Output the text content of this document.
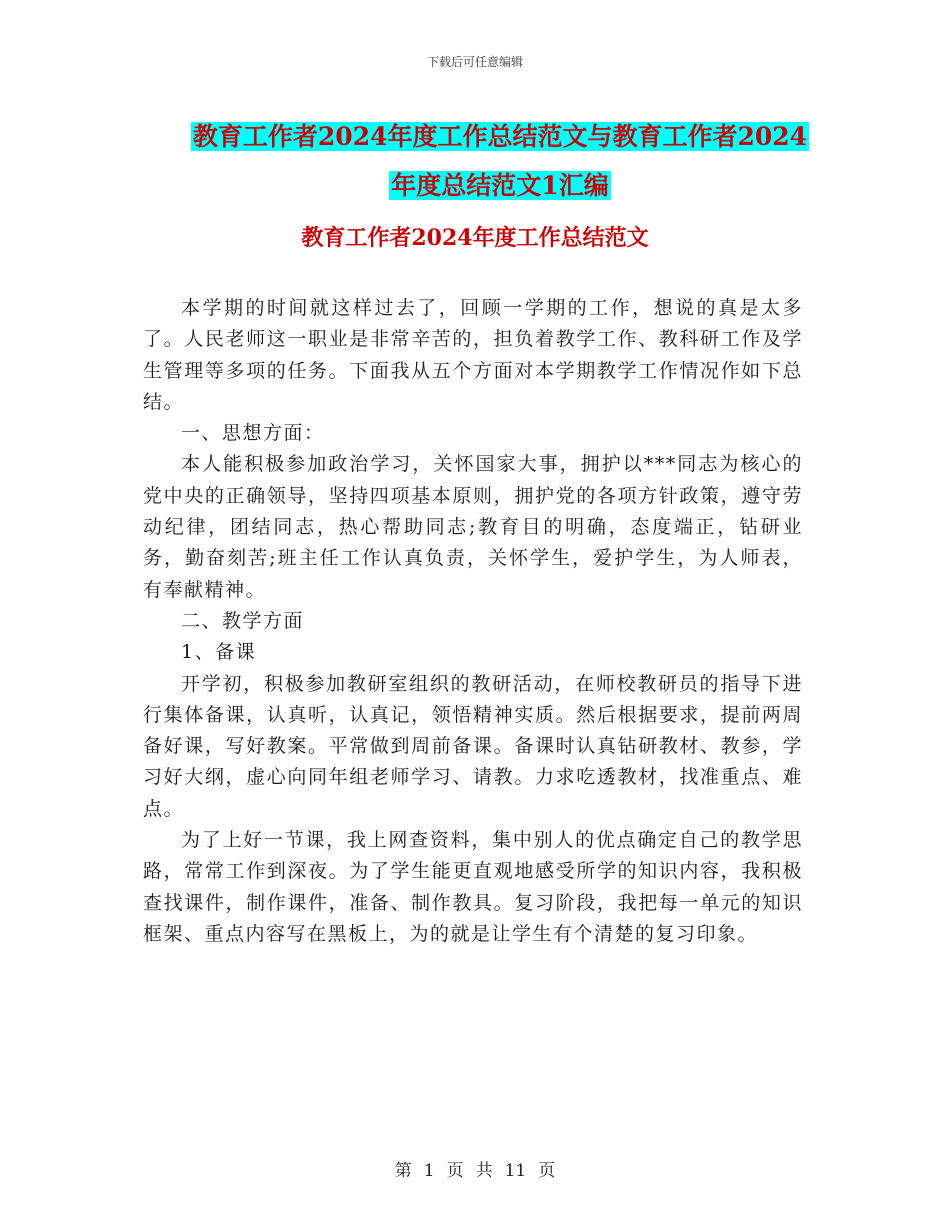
下载后可任意编辑
教育工作者2024年度工作总结范文与教育工作者2024
年度总结范文1汇编
教育工作者2024年度工作总结范文

本学期的时间就这样过去了，回顾一学期的工作，想说的真是太多了。人民老师这一职业是非常辛苦的，担负着教学工作、教科研工作及学生管理等多项的任务。下面我从五个方面对本学期教学工作情况作如下总结。

一、思想方面：

本人能积极参加政治学习，关怀国家大事，拥护以***同志为核心的党中央的正确领导，坚持四项基本原则，拥护党的各项方针政策，遵守劳动纪律，团结同志，热心帮助同志;教育目的明确，态度端正，钻研业务，勤奋刻苦;班主任工作认真负责，关怀学生，爱护学生，为人师表，有奉献精神。

二、教学方面

1、备课

开学初，积极参加教研室组织的教研活动，在师校教研员的指导下进行集体备课，认真听，认真记，领悟精神实质。然后根据要求，提前两周备好课，写好教案。平常做到周前备课。备课时认真钻研教材、教参，学习好大纲，虚心向同年组老师学习、请教。力求吃透教材，找准重点、难点。

为了上好一节课，我上网查资料，集中别人的优点确定自己的教学思路，常常工作到深夜。为了学生能更直观地感受所学的知识内容，我积极查找课件，制作课件，准备、制作教具。复习阶段，我把每一单元的知识框架、重点内容写在黑板上，为的就是让学生有个清楚的复习印象。

第 1 页 共 11 页
